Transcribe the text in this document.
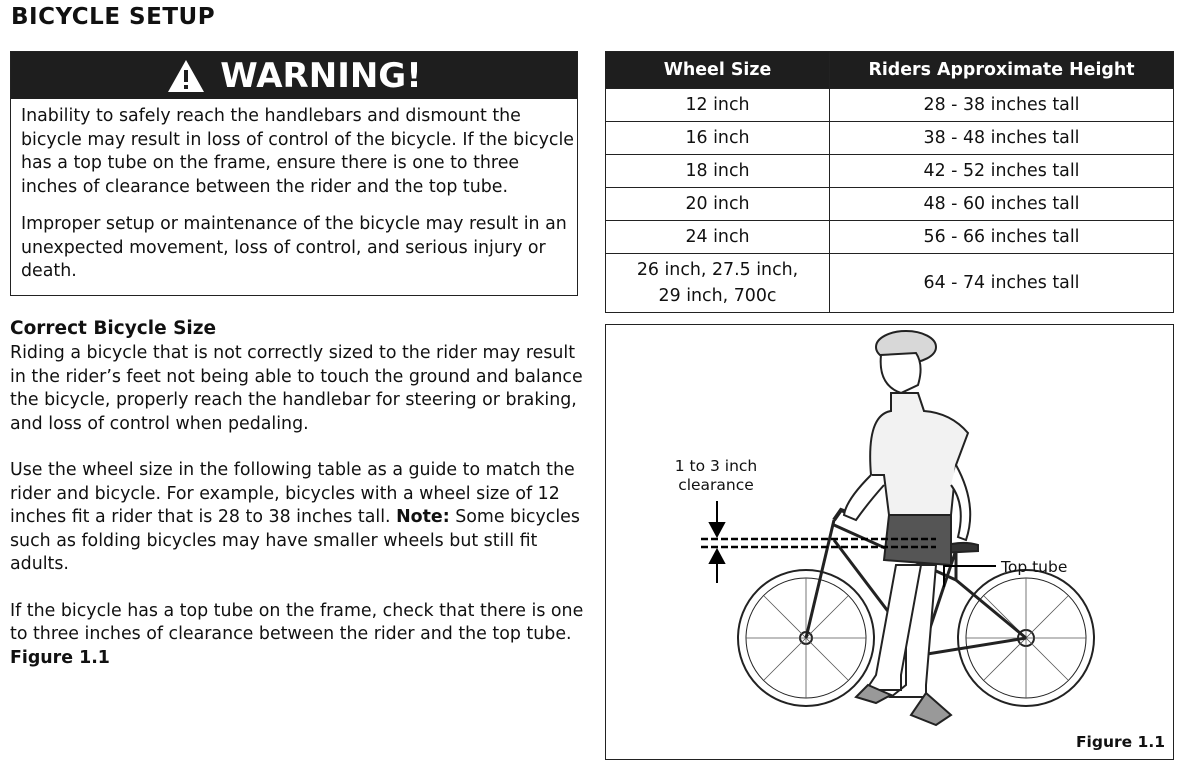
BICYCLE SETUP
WARNING!

Inability to safely reach the handlebars and dismount the bicycle may result in loss of control of the bicycle. If the bicycle has a top tube on the frame, ensure there is one to three inches of clearance between the rider and the top tube.

Improper setup or maintenance of the bicycle may result in an unexpected movement, loss of control, and serious injury or death.

Correct Bicycle Size

Riding a bicycle that is not correctly sized to the rider may result in the rider’s feet not being able to touch the ground and balance the bicycle, properly reach the handlebar for steering or braking, and loss of control when pedaling.

Use the wheel size in the following table as a guide to match the rider and bicycle. For example, bicycles with a wheel size of 12 inches fit a rider that is 28 to 38 inches tall. Note: Some bicycles such as folding bicycles may have smaller wheels but still fit adults.

If the bicycle has a top tube on the frame, check that there is one to three inches of clearance between the rider and the top tube. Figure 1.1

Wheel Size	Riders Approximate Height
12 inch	28 - 38 inches tall
16 inch	38 - 48 inches tall
18 inch	42 - 52 inches tall
20 inch	48 - 60 inches tall
24 inch	56 - 66 inches tall
26 inch, 27.5 inch,
29 inch, 700c	64 - 74 inches tall
1 to 3 inch clearance
Top tube
Figure 1.1
